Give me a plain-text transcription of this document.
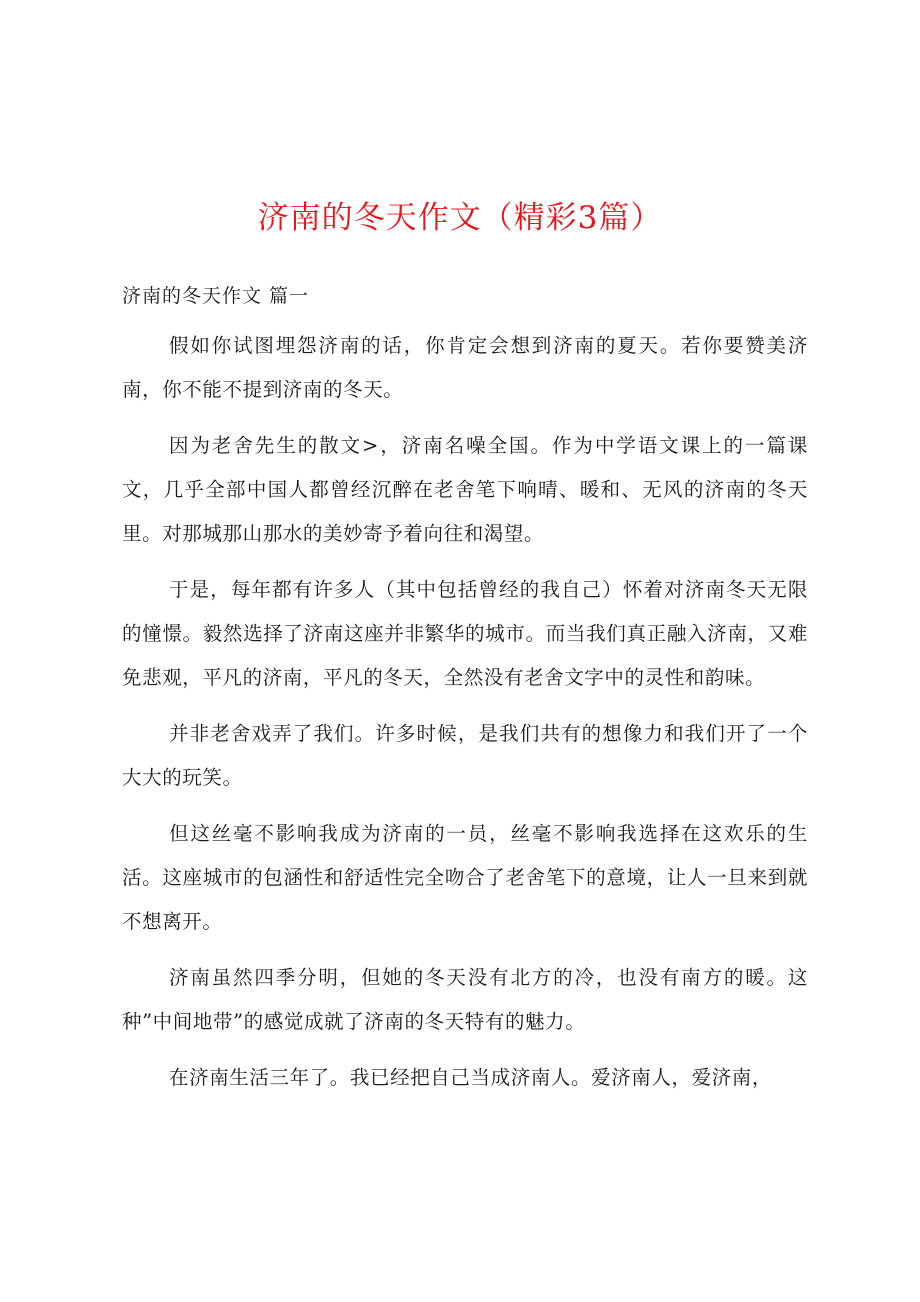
济南的冬天作文（精彩3篇）
济南的冬天作文 篇一

假如你试图埋怨济南的话，你肯定会想到济南的夏天。若你要赞美济南，你不能不提到济南的冬天。

因为老舍先生的散文>，济南名噪全国。作为中学语文课上的一篇课文，几乎全部中国人都曾经沉醉在老舍笔下响晴、暖和、无风的济南的冬天里。对那城那山那水的美妙寄予着向往和渴望。

于是，每年都有许多人（其中包括曾经的我自己）怀着对济南冬天无限的憧憬。毅然选择了济南这座并非繁华的城市。而当我们真正融入济南，又难免悲观，平凡的济南，平凡的冬天，全然没有老舍文字中的灵性和韵味。

并非老舍戏弄了我们。许多时候，是我们共有的想像力和我们开了一个大大的玩笑。

但这丝毫不影响我成为济南的一员，丝毫不影响我选择在这欢乐的生活。这座城市的包涵性和舒适性完全吻合了老舍笔下的意境，让人一旦来到就不想离开。

济南虽然四季分明，但她的冬天没有北方的冷，也没有南方的暖。这种”中间地带”的感觉成就了济南的冬天特有的魅力。

在济南生活三年了。我已经把自己当成济南人。爱济南人，爱济南，
